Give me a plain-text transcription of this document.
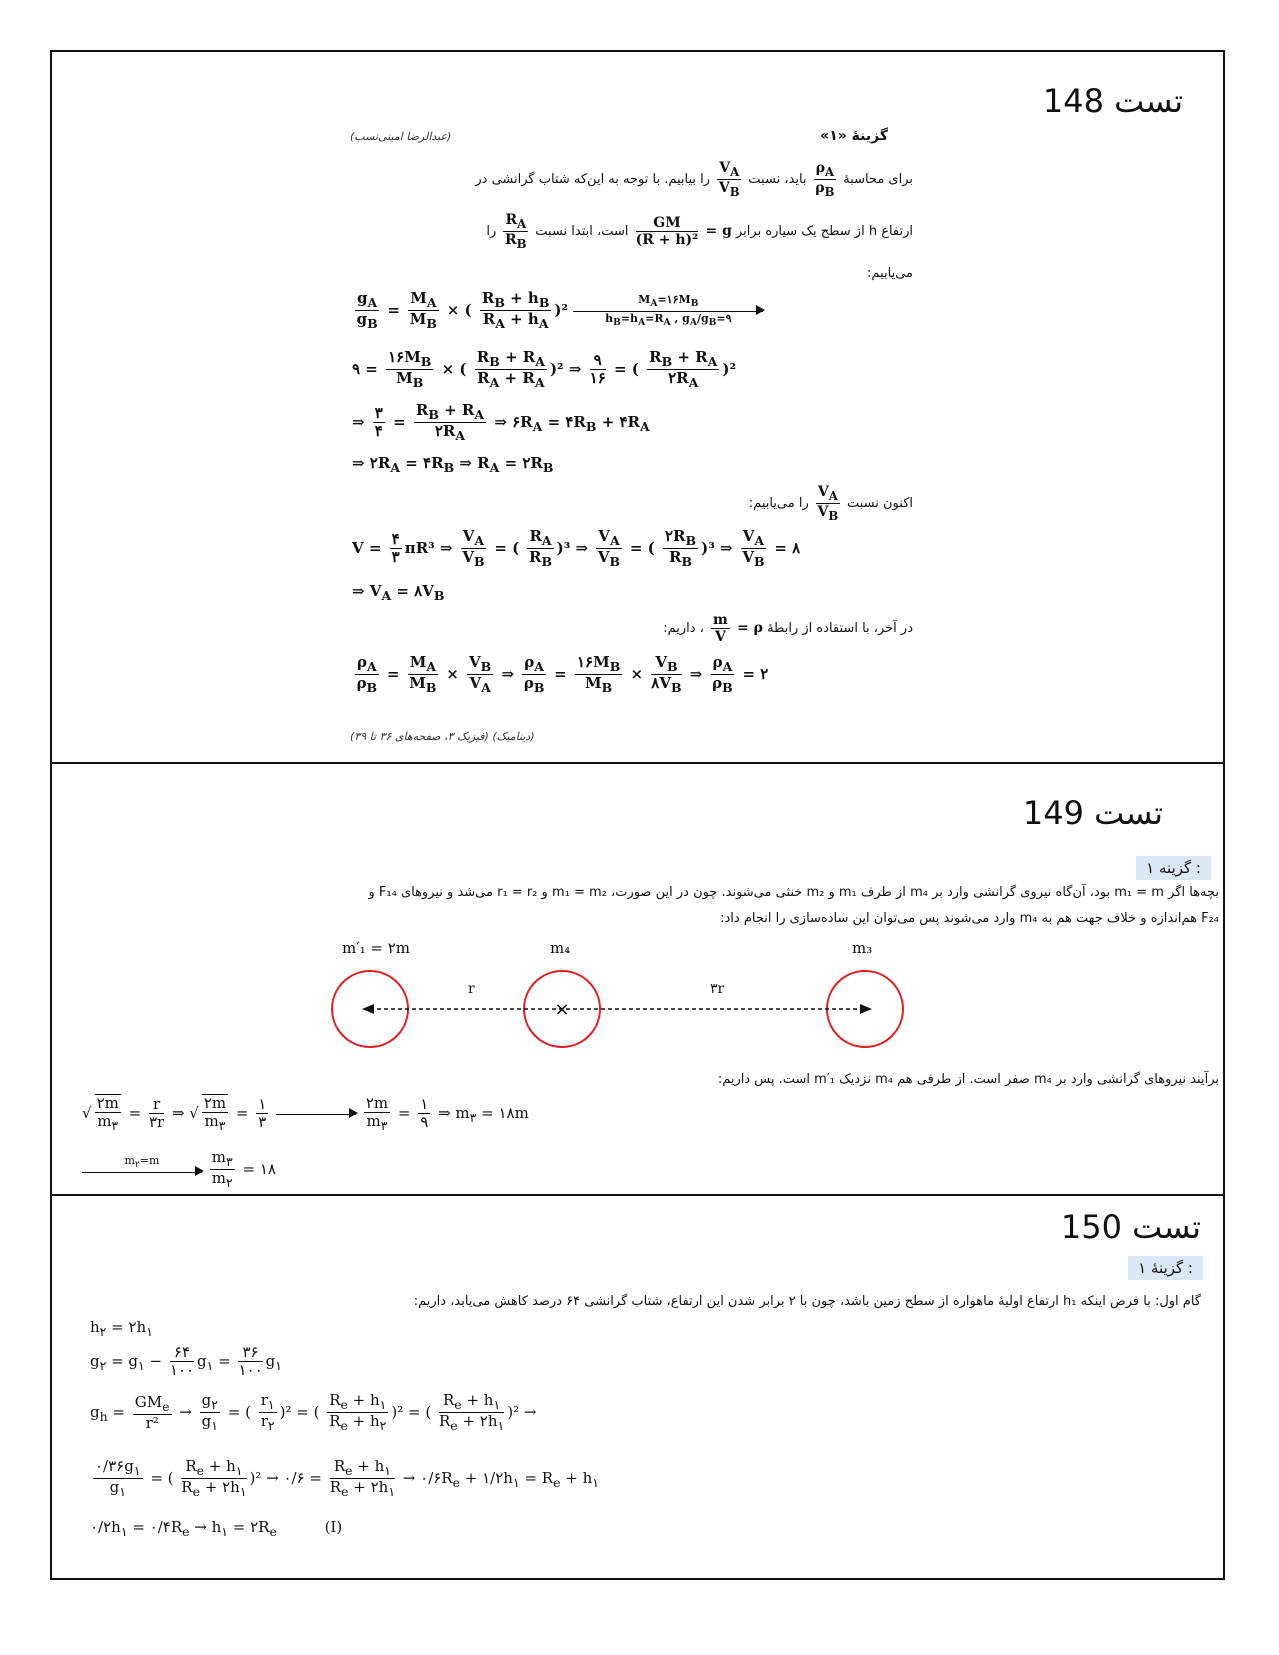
تست 148
گزینهٔ «۱»
(عبدالرضا امینی‌نسب)
برای محاسبهٔ
$\frac{\rho_A}{\rho_B}$
باید، نسبت
$\frac{V_A}{V_B}$
را بیابیم. با توجه به این‌که شتاب گرانشی در
ارتفاع h از سطح یک سیاره برابر g =
$\frac{GM}{\text{(R + h)²}}$
است، ابتدا نسبت
$\frac{R_A}{R_B}$
را
می‌یابیم:
$\frac{g_A}{g_B} = \frac{M_A}{M_B}$ × ( $\frac{R_B + h_B}{R_A + h_A} )^2 \frac{M_A=۱۶M_B}{h_B=h_A=R_A , g_A/g_B=۹}$
۹ = $\frac{۱۶M_B}{M_B}$ × ( $\frac{R_B + R_A}{R_A + R_A} )^2$ ⇒ $\frac{۹}{۱۶}$ = ( $\frac{R_B + R_A}{۲R_A} )^2$
⇒ $\frac{۳}{۴} = \frac{R_B + R_A}{۲R_A}$ ⇒ $۶R_A$ = $۴R_B$ + $۴R_A$
⇒ $۲R_A$ = $۴R_B$ ⇒ $R_A$ = $۲R_B$
اکنون نسبت
$\frac{V_A}{V_B}$
را می‌یابیم:
$V = \frac{۴}{۳} \pi R^3$ ⇒ $\frac{V_A}{V_B}$ = ( $\frac{R_A}{R_B} )^3$ ⇒ $\frac{V_A}{V_B}$ = ( $\frac{۲R_B}{R_B} )^3$ ⇒ $\frac{V_A}{V_B}$ = ۸
⇒ $V_A$ = $۸V_B$
در آخر، با استفاده از رابطهٔ ρ =
$\frac{m}{V}$
، داریم:
$\frac{\rho_A}{\rho_B} = \frac{M_A}{M_B} \times \frac{V_B}{V_A}$ ⇒ $\frac{\rho_A}{\rho_B} = \frac{۱۶M_B}{M_B} \times \frac{V_B}{۸V_B}$ ⇒ $\frac{\rho_A}{\rho_B}$ = ۲
(دینامیک) (فیزیک ۳، صفحه‌های ۳۶ تا ۳۹)
تست 149
: گزینه ۱
بچه‌ها اگر m₁ = m بود، آن‌گاه نیروی گرانشی وارد بر m₄ از طرف m₁ و m₂ خنثی می‌شوند. چون در این صورت، m₁ = m₂ و r₁ = r₂ می‌شد و نیروهای F₁₄ و
F₂₄ هم‌اندازه و خلاف جهت هم به m₄ وارد می‌شوند پس می‌توان این ساده‌سازی را انجام داد:
m′₁ = ۲m	m₄	m₃
r	۳r
×
برآیند نیروهای گرانشی وارد بر m₄ صفر است. از طرفی هم m₄ نزدیک m′₁ است. پس داریم:
√ $\frac{۲m}{m_۳} = \frac{r}{۳r}$ ⇒ √ $\frac{۲m}{m_۳} = \frac{۱}{۳}$

	$\frac{۲m}{m_۳} = \frac{۱}{۹}$ ⇒ $m_۳$ = ۱۸m
$m_۲=m$

	$\frac{m_۳}{m_۲}$ = ۱۸
تست 150
: گزینهٔ ۱
گام اول: با فرض اینکه h₁ ارتفاع اولیهٔ ماهواره از سطح زمین باشد، چون با ۲ برابر شدن این ارتفاع، شتاب گرانشی ۶۴ درصد کاهش می‌یابد، داریم:
$h_۲$ = $۲h_۱$
$g_۲ = g_۱ - \frac{۶۴}{۱۰۰} g_۱ = \frac{۳۶}{۱۰۰} g_۱$
$g_h = \frac{GM_e}{\text{r²}} \to \frac{g_۲}{g_۱}$ = ( $\frac{r_۱}{r_۲} )^2$ = ( $\frac{R_e + h_۱}{R_e + h_۲} )^2$ = ( $\frac{R_e + h_۱}{R_e + ۲h_۱} )^2$ →
$\frac{۰/۳۶g_۱}{g_۱}$ = ( $\frac{R_e + h_۱}{R_e + ۲h_۱} )^2$ → ۰/۶ = $\frac{R_e + h_۱}{R_e + ۲h_۱}$ → $۰/۶R_e$ + $۱/۲h_۱ = R_e + h_۱$
$۰/۲h_۱$ = $۰/۴R_e \to h_۱$ = $۲R_e$          (I)
